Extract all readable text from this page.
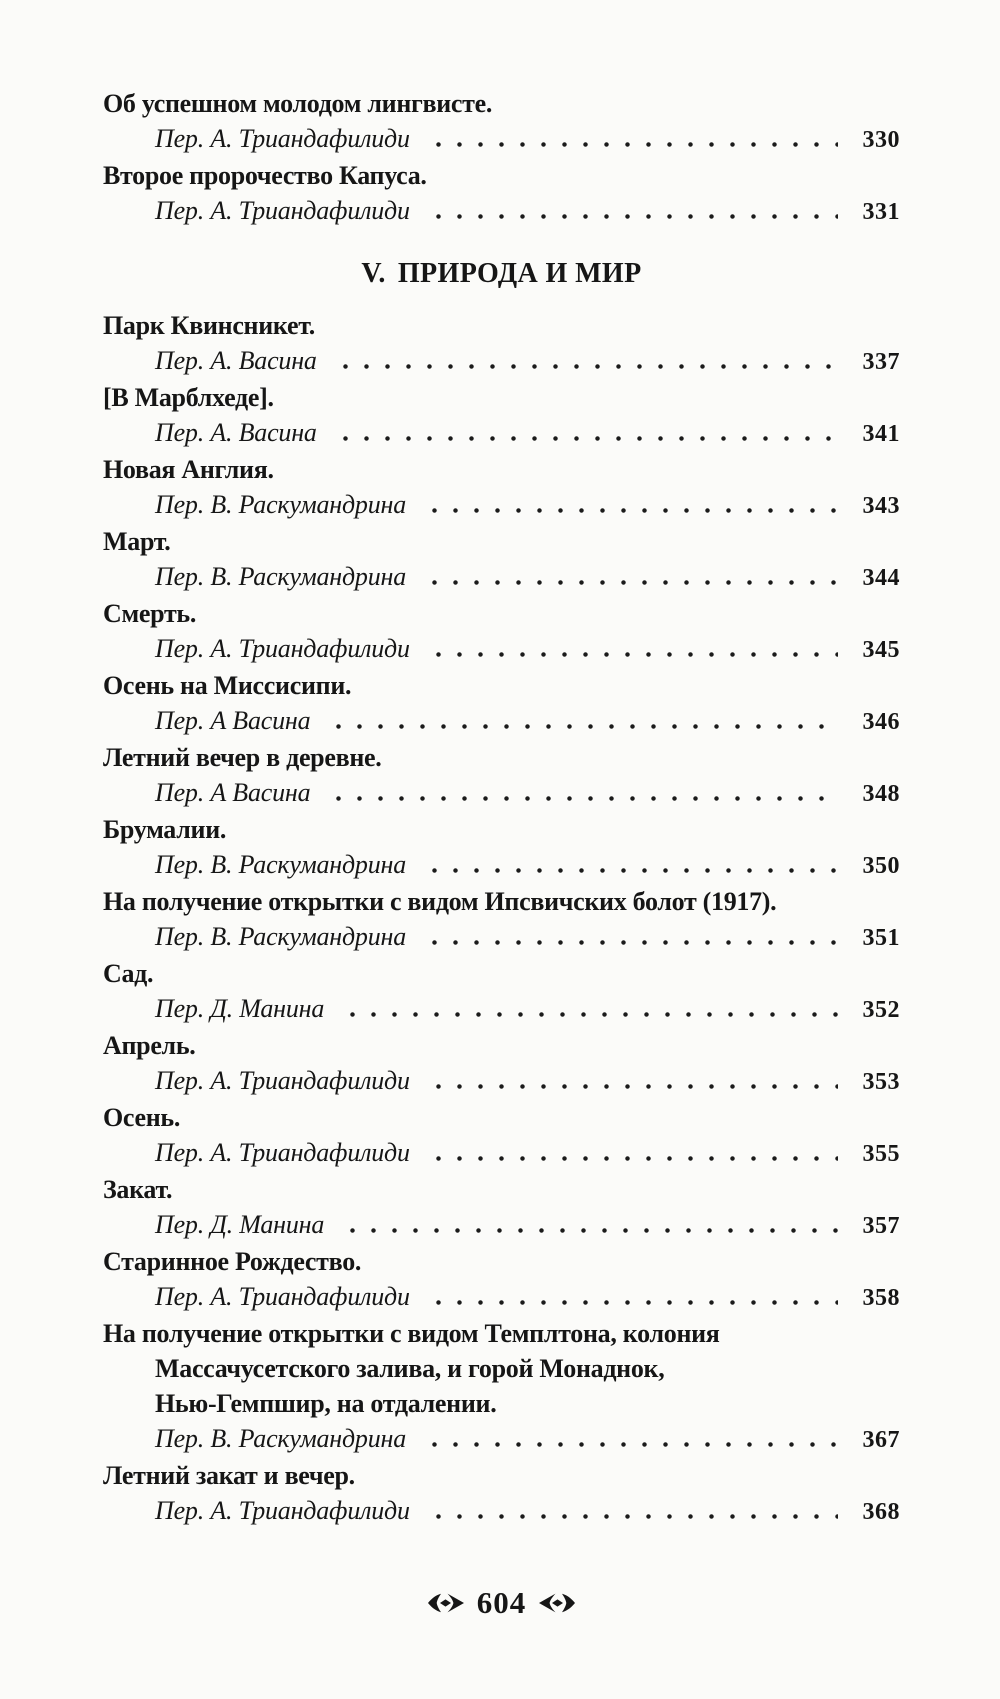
Об успешном молодом лингвисте.
Пер. А. Триандафилиди	330
Второе пророчество Капуса.
Пер. А. Триандафилиди	331
V. ПРИРОДА И МИР
Парк Квинсникет.
Пер. А. Васина	337
[В Марблхеде].
Пер. А. Васина	341
Новая Англия.
Пер. В. Раскумандрина	343
Март.
Пер. В. Раскумандрина	344
Смерть.
Пер. А. Триандафилиди	345
Осень на Миссисипи.
Пер. А Васина	346
Летний вечер в деревне.
Пер. А Васина	348
Брумалии.
Пер. В. Раскумандрина	350
На получение открытки с видом Ипсвичских болот (1917).
Пер. В. Раскумандрина	351
Сад.
Пер. Д. Манина	352
Апрель.
Пер. А. Триандафилиди	353
Осень.
Пер. А. Триандафилиди	355
Закат.
Пер. Д. Манина	357
Старинное Рождество.
Пер. А. Триандафилиди	358
На получение открытки с видом Темплтона, колония
Массачусетского залива, и горой Монаднок,
Нью-Гемпшир, на отдалении.
Пер. В. Раскумандрина	367
Летний закат и вечер.
Пер. А. Триандафилиди	368
604
